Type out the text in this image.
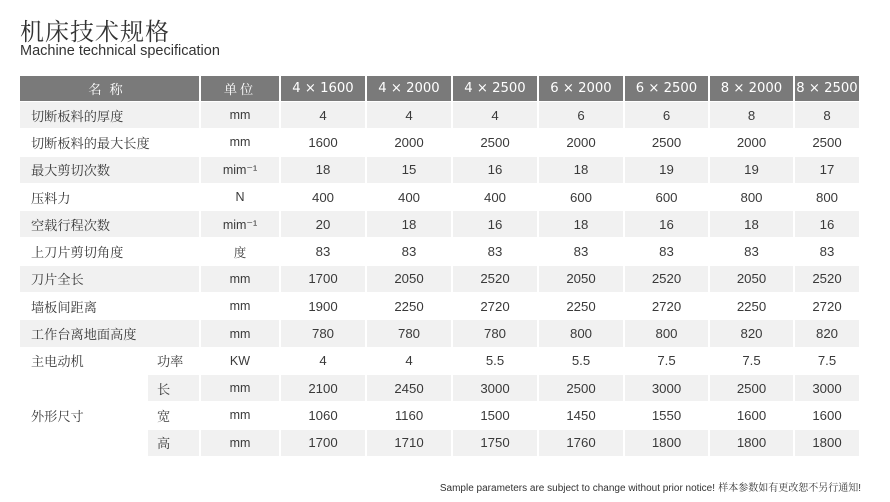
机床技术规格
Machine technical specification
名称		单位	4 × 1600	4 × 2000	4 × 2500	6 × 2000	6 × 2500	8 × 2000	8 × 2500
切断板料的厚度		mm	4	4	4	6	6	8	8
切断板料的最大长度		mm	1600	2000	2500	2000	2500	2000	2500
最大剪切次数		mim⁻¹	18	15	16	18	19	19	17
压料力		N	400	400	400	600	600	800	800
空载行程次数		mim⁻¹	20	18	16	18	16	18	16
上刀片剪切角度		度	83	83	83	83	83	83	83
刀片全长		mm	1700	2050	2520	2050	2520	2050	2520
墙板间距离		mm	1900	2250	2720	2250	2720	2250	2720
工作台离地面高度		mm	780	780	780	800	800	820	820
主电动机	功率	KW	4	4	5.5	5.5	7.5	7.5	7.5
外形尺寸	长	mm	2100	2450	3000	2500	3000	2500	3000
	宽	mm	1060	1160	1500	1450	1550	1600	1600
	高	mm	1700	1710	1750	1760	1800	1800	1800
Sample parameters are subject to change without prior notice! 样本参数如有更改恕不另行通知!
